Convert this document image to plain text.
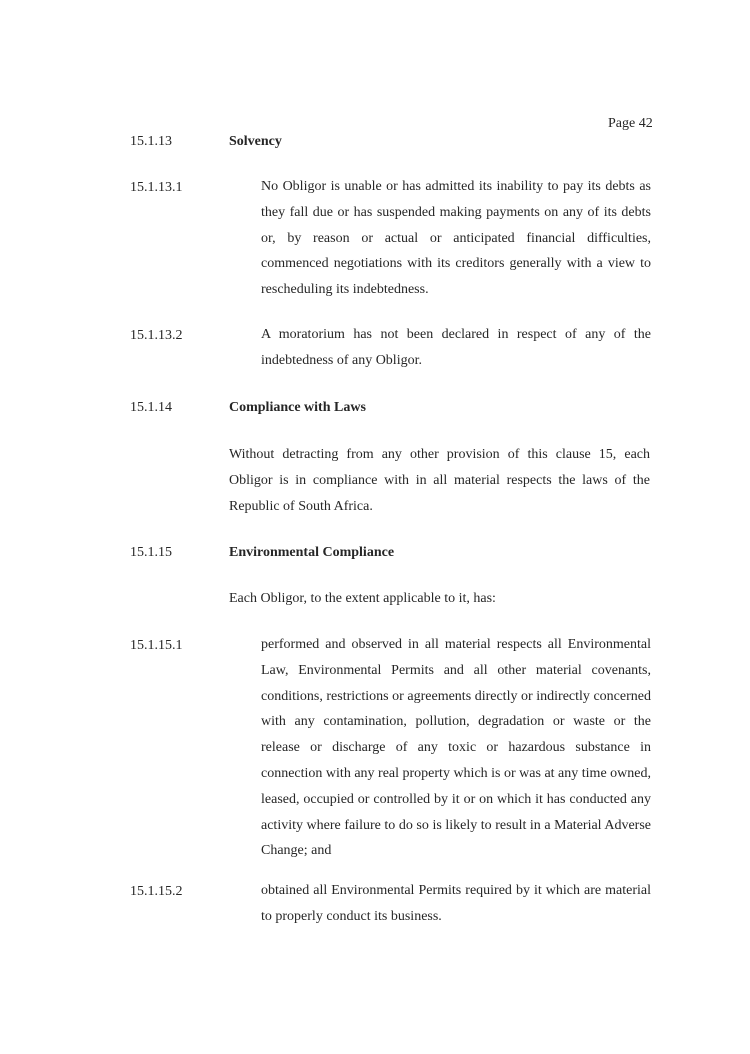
Page 42
15.1.13	Solvency
15.1.13.1	No Obligor is unable or has admitted its inability to pay its debts as they fall due or has suspended making payments on any of its debts or, by reason or actual or anticipated financial difficulties, commenced negotiations with its creditors generally with a view to rescheduling its indebtedness.

15.1.13.2	A moratorium has not been declared in respect of any of the indebtedness of any Obligor.

15.1.14	Compliance with Laws

Without detracting from any other provision of this clause 15, each Obligor is in compliance with in all material respects the laws of the Republic of South Africa.

15.1.15	Environmental Compliance

Each Obligor, to the extent applicable to it, has:

15.1.15.1	performed and observed in all material respects all Environmental Law, Environmental Permits and all other material covenants, conditions, restrictions or agreements directly or indirectly concerned with any contamination, pollution, degradation or waste or the release or discharge of any toxic or hazardous substance in connection with any real property which is or was at any time owned, leased, occupied or controlled by it or on which it has conducted any activity where failure to do so is likely to result in a Material Adverse Change; and

15.1.15.2	obtained all Environmental Permits required by it which are material to properly conduct its business.
